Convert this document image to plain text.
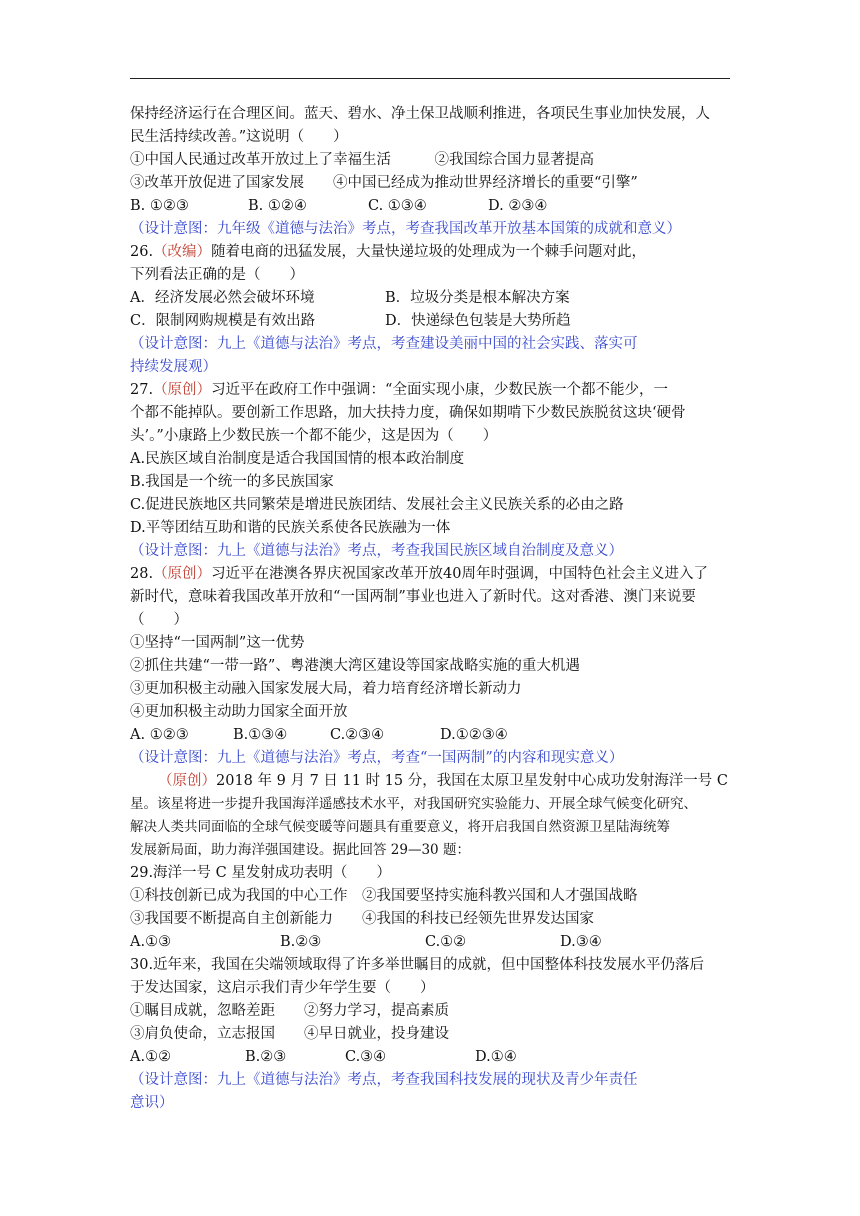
保持经济运行在合理区间。蓝天、碧水、净土保卫战顺利推进，各项民生事业加快发展，人
民生活持续改善。”这说明（　　）
①中国人民通过改革开放过上了幸福生活　　　②我国综合国力显著提高
③改革开放促进了国家发展　　④中国已经成为推动世界经济增长的重要“引擎”
B. ①②③	B. ①②④	C. ①③④	D. ②③④
（设计意图：九年级《道德与法治》考点，考查我国改革开放基本国策的成就和意义）
26.（改编）随着电商的迅猛发展，大量快递垃圾的处理成为一个棘手问题对此，
下列看法正确的是（　　）
A．经济发展必然会破坏环境	B．垃圾分类是根本解决方案
C．限制网购规模是有效出路	D．快递绿色包装是大势所趋
（设计意图：九上《道德与法治》考点，考查建设美丽中国的社会实践、落实可
持续发展观）
27.（原创）习近平在政府工作中强调：“全面实现小康，少数民族一个都不能少，一
个都不能掉队。要创新工作思路，加大扶持力度，确保如期啃下少数民族脱贫这块‘硬骨
头’。”小康路上少数民族一个都不能少，这是因为（　　）
A.民族区域自治制度是适合我国国情的根本政治制度
B.我国是一个统一的多民族国家
C.促进民族地区共同繁荣是增进民族团结、发展社会主义民族关系的必由之路
D.平等团结互助和谐的民族关系使各民族融为一体
（设计意图：九上《道德与法治》考点，考查我国民族区域自治制度及意义）
28.（原创）习近平在港澳各界庆祝国家改革开放40周年时强调，中国特色社会主义进入了
新时代，意味着我国改革开放和“一国两制”事业也进入了新时代。这对香港、澳门来说要
（　　）
①坚持“一国两制”这一优势
②抓住共建“一带一路”、粤港澳大湾区建设等国家战略实施的重大机遇
③更加积极主动融入国家发展大局，着力培育经济增长新动力
④更加积极主动助力国家全面开放
A. ①②③	B.①③④	C.②③④	D.①②③④
（设计意图：九上《道德与法治》考点，考查“一国两制”的内容和现实意义）
（原创）2018 年 9 月 7 日 11 时 15 分，我国在太原卫星发射中心成功发射海洋一号 C
星。该星将进一步提升我国海洋遥感技术水平，对我国研究实验能力、开展全球气候变化研究、
解决人类共同面临的全球气候变暖等问题具有重要意义，将开启我国自然资源卫星陆海统筹
发展新局面，助力海洋强国建设。据此回答 29—30 题：
29.海洋一号 C 星发射成功表明（　　）
①科技创新已成为我国的中心工作　②我国要坚持实施科教兴国和人才强国战略
③我国要不断提高自主创新能力　　④我国的科技已经领先世界发达国家
A.①③	B.②③	C.①②	D.③④
30.近年来，我国在尖端领域取得了许多举世瞩目的成就，但中国整体科技发展水平仍落后
于发达国家，这启示我们青少年学生要（　　）
①瞩目成就，忽略差距　　②努力学习，提高素质
③肩负使命，立志报国　　④早日就业，投身建设
A.①②	B.②③	C.③④	D.①④
（设计意图：九上《道德与法治》考点，考查我国科技发展的现状及青少年责任
意识）
